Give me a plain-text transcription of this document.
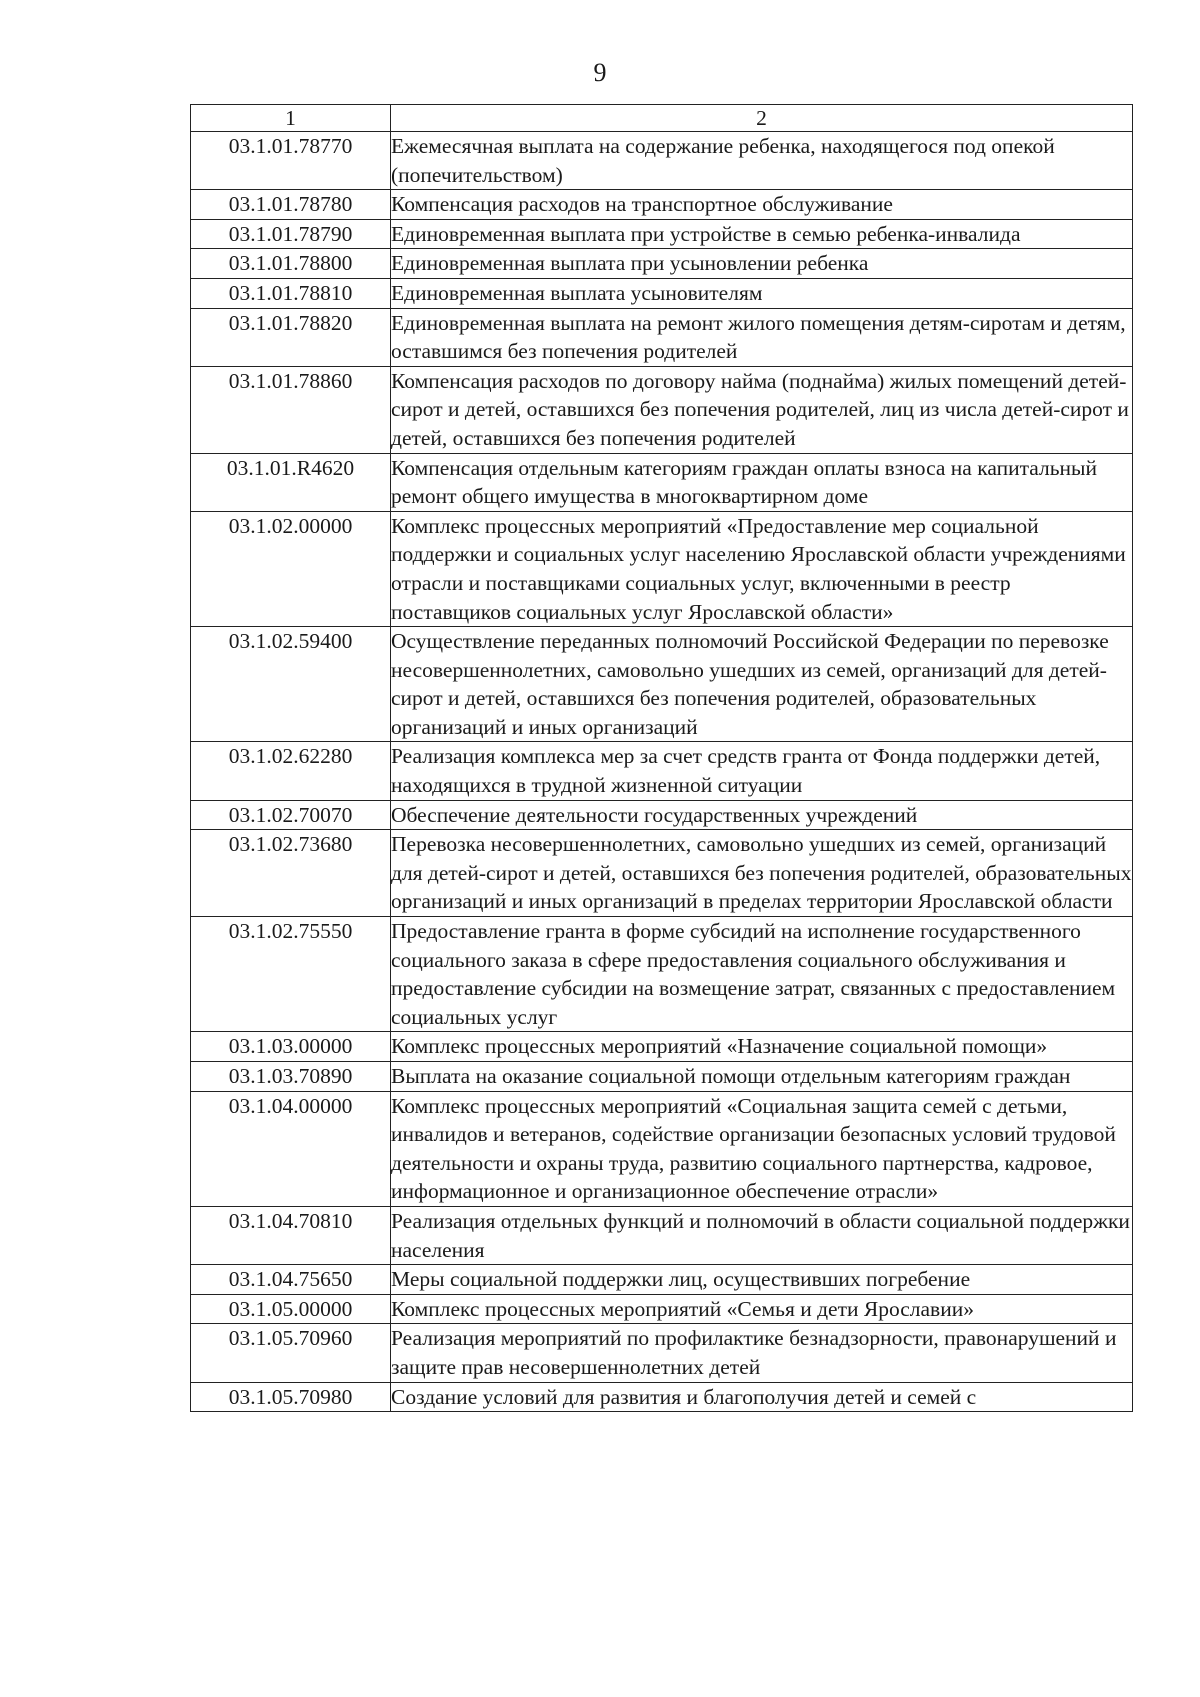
9
1	2
03.1.01.78770	Ежемесячная выплата на содержание ребенка, находящегося под опекой (попечительством)
03.1.01.78780	Компенсация расходов на транспортное обслуживание
03.1.01.78790	Единовременная выплата при устройстве в семью ребенка-инвалида
03.1.01.78800	Единовременная выплата при усыновлении ребенка
03.1.01.78810	Единовременная выплата усыновителям
03.1.01.78820	Единовременная выплата на ремонт жилого помещения детям-сиротам и детям, оставшимся без попечения родителей
03.1.01.78860	Компенсация расходов по договору найма (поднайма) жилых помещений детей-сирот и детей, оставшихся без попечения родителей, лиц из числа детей-сирот и детей, оставшихся без попечения родителей
03.1.01.R4620	Компенсация отдельным категориям граждан оплаты взноса на капитальный ремонт общего имущества в многоквартирном доме
03.1.02.00000	Комплекс процессных мероприятий «Предоставление мер социальной поддержки и социальных услуг населению Ярославской области учреждениями отрасли и поставщиками социальных услуг, включенными в реестр поставщиков социальных услуг Ярославской области»
03.1.02.59400	Осуществление переданных полномочий Российской Федерации по перевозке несовершеннолетних, самовольно ушедших из семей, организаций для детей-сирот и детей, оставшихся без попечения родителей, образовательных организаций и иных организаций
03.1.02.62280	Реализация комплекса мер за счет средств гранта от Фонда поддержки детей, находящихся в трудной жизненной ситуации
03.1.02.70070	Обеспечение деятельности государственных учреждений
03.1.02.73680	Перевозка несовершеннолетних, самовольно ушедших из семей, организаций для детей-сирот и детей, оставшихся без попечения родителей, образовательных организаций и иных организаций в пределах территории Ярославской области
03.1.02.75550	Предоставление гранта в форме субсидий на исполнение государственного социального заказа в сфере предоставления социального обслуживания и предоставление субсидии на возмещение затрат, связанных с предоставлением социальных услуг
03.1.03.00000	Комплекс процессных мероприятий «Назначение социальной помощи»
03.1.03.70890	Выплата на оказание социальной помощи отдельным категориям граждан
03.1.04.00000	Комплекс процессных мероприятий «Социальная защита семей с детьми, инвалидов и ветеранов, содействие организации безопасных условий трудовой деятельности и охраны труда, развитию социального партнерства, кадровое, информационное и организационное обеспечение отрасли»
03.1.04.70810	Реализация отдельных функций и полномочий в области социальной поддержки населения
03.1.04.75650	Меры социальной поддержки лиц, осуществивших погребение
03.1.05.00000	Комплекс процессных мероприятий «Семья и дети Ярославии»
03.1.05.70960	Реализация мероприятий по профилактике безнадзорности, правонарушений и защите прав несовершеннолетних детей
03.1.05.70980	Создание условий для развития и благополучия детей и семей с
